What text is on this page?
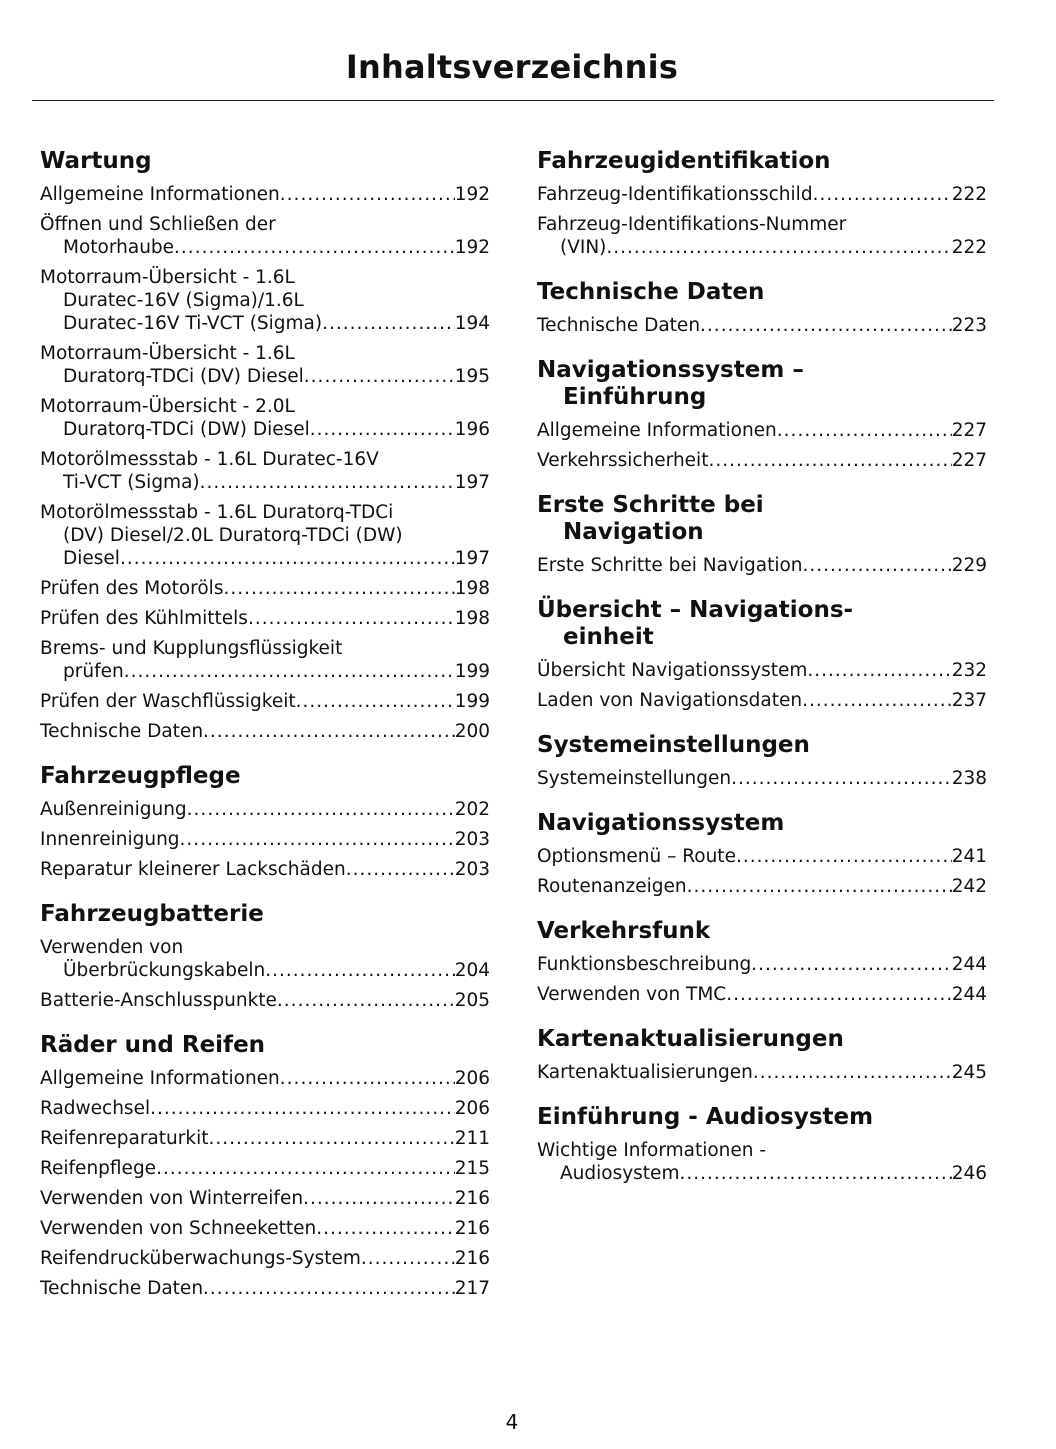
Inhaltsverzeichnis
Wartung
Allgemeine Informationen .....	192
Öffnen und Schließen der
Motorhaube .....	192
Motorraum-Übersicht - 1.6L
Duratec-16V (Sigma)/1.6L
Duratec-16V Ti-VCT (Sigma) .....	194
Motorraum-Übersicht - 1.6L
Duratorq-TDCi (DV) Diesel .....	195
Motorraum-Übersicht - 2.0L
Duratorq-TDCi (DW) Diesel .....	196
Motorölmessstab - 1.6L Duratec-16V
Ti-VCT (Sigma) .....	197
Motorölmessstab - 1.6L Duratorq-TDCi
(DV) Diesel/2.0L Duratorq-TDCi (DW)
Diesel .....	197
Prüfen des Motoröls .....	198
Prüfen des Kühlmittels .....	198
Brems- und Kupplungsflüssigkeit
prüfen .....	199
Prüfen der Waschflüssigkeit .....	199
Technische Daten .....	200
Fahrzeugpflege
Außenreinigung .....	202
Innenreinigung .....	203
Reparatur kleinerer Lackschäden .....	203
Fahrzeugbatterie
Verwenden von
Überbrückungskabeln .....	204
Batterie-Anschlusspunkte .....	205
Räder und Reifen
Allgemeine Informationen .....	206
Radwechsel .....	206
Reifenreparaturkit .....	211
Reifenpflege .....	215
Verwenden von Winterreifen .....	216
Verwenden von Schneeketten .....	216
Reifendrucküberwachungs-System .....	216
Technische Daten .....	217
Fahrzeugidentifikation
Fahrzeug-Identifikationsschild .....	222
Fahrzeug-Identifikations-Nummer
(VIN) .....	222
Technische Daten
Technische Daten .....	223
Navigationssystem –
Einführung
Allgemeine Informationen .....	227
Verkehrssicherheit .....	227
Erste Schritte bei
Navigation
Erste Schritte bei Navigation .....	229
Übersicht – Navigations-
einheit
Übersicht Navigationssystem .....	232
Laden von Navigationsdaten .....	237
Systemeinstellungen
Systemeinstellungen .....	238
Navigationssystem
Optionsmenü – Route .....	241
Routenanzeigen .....	242
Verkehrsfunk
Funktionsbeschreibung .....	244
Verwenden von TMC .....	244
Kartenaktualisierungen
Kartenaktualisierungen .....	245
Einführung - Audiosystem
Wichtige Informationen -
Audiosystem .....	246
4
